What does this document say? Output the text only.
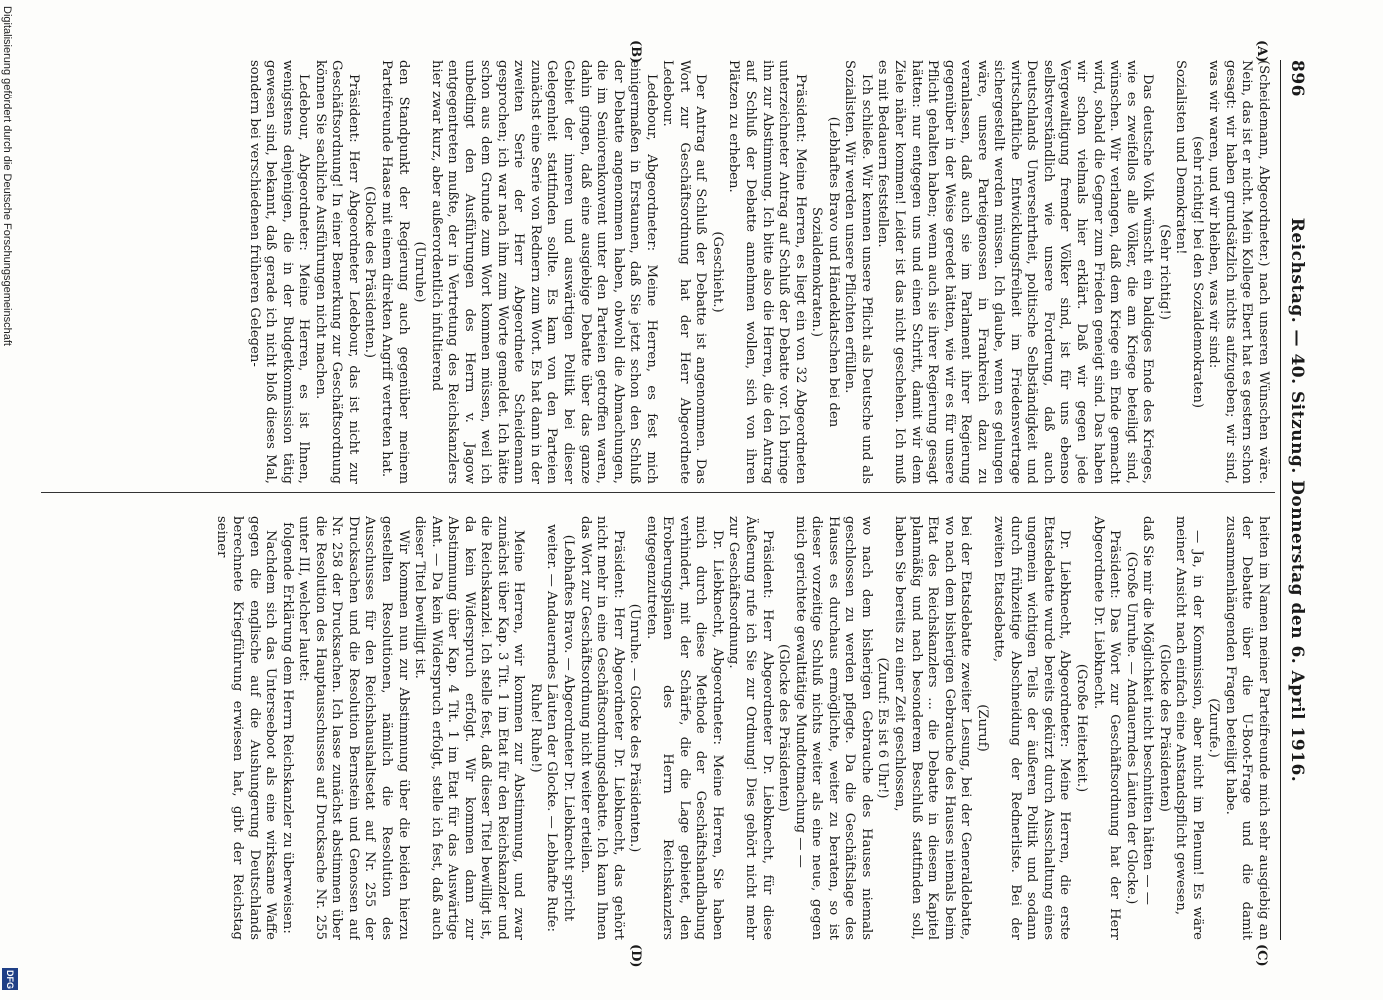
896
Reichstag. — 40. Sitzung. Donnerstag den 6. April 1916.
(A)
(B)
(C)
(D)

(Scheidemann, Abgeordneter.) nach unseren Wünschen wäre. Nein, das ist er nicht. Mein Kollege Ebert hat es gestern schon gesagt: wir haben grundsätzlich nichts aufzugeben; wir sind, was wir waren, und wir bleiben, was wir sind:

(sehr richtig! bei den Sozialdemokraten)

Sozialisten und Demokraten!

(Sehr richtig!)

Das deutsche Volk wünscht ein baldiges Ende des Krieges, wie es zweifellos alle Völker, die am Kriege beteiligt sind, wünschen. Wir verlangen, daß dem Kriege ein Ende gemacht wird, sobald die Gegner zum Frieden geneigt sind. Das haben wir schon vielmals hier erklärt. Daß wir gegen jede Vergewaltigung fremder Völker sind, ist für uns ebenso selbstverständlich wie unsere Forderung, daß auch Deutschlands Unversehrtheit, politische Selbständigkeit und wirtschaftliche Entwicklungsfreiheit im Friedensvertrage sichergestellt werden müssen. Ich glaube, wenn es gelungen wäre, unsere Parteigenossen in Frankreich dazu zu veranlassen, daß auch sie im Parlament ihrer Regierung gegenüber in der Weise geredet hätten, wie wir es für unsere Pflicht gehalten haben; wenn auch sie ihrer Regierung gesagt hätten: nur entgegen uns und einen Schritt, damit wir dem Ziele näher kommen! Leider ist das nicht geschehen. Ich muß es mit Bedauern feststellen.

Ich schließe. Wir kennen unsere Pflicht als Deutsche und als Sozialisten. Wir werden unsere Pflichten erfüllen.

(Lebhaftes Bravo und Händeklatschen bei den Sozialdemokraten.)

Präsident: Meine Herren, es liegt ein von 32 Abgeordneten unterzeichneter Antrag auf Schluß der Debatte vor. Ich bringe ihn zur Abstimmung. Ich bitte also die Herren, die den Antrag auf Schluß der Debatte annehmen wollen, sich von ihren Plätzen zu erheben.

(Geschieht.)

Der Antrag auf Schluß der Debatte ist angenommen. Das Wort zur Geschäftsordnung hat der Herr Abgeordnete Ledebour.

Ledebour, Abgeordneter: Meine Herren, es fest mich einigermaßen in Erstaunen, daß Sie jetzt schon den Schluß der Debatte angenommen haben, obwohl die Abmachungen, die im Seniorenkonvent unter den Parteien getroffen waren, dahin gingen, daß eine ausgiebige Debatte über das ganze Gebiet der inneren und auswärtigen Politik bei dieser Gelegenheit stattfinden sollte. Es kam von den Parteien zunächst eine Serie von Rednern zum Wort. Es hat dann in der zweiten Serie der Herr Abgeordnete Scheidemann gesprochen; ich war nach ihm zum Worte gemeldet. Ich hätte schon aus dem Grunde zum Wort kommen müssen, weil ich unbedingt den Ausführungen des Herrn v. Jagow entgegentreten mußte, der in Vertretung des Reichskanzlers hier zwar kurz, aber außerordentlich infultierend

(Unruhe)

den Standpunkt der Regierung auch gegenüber meinem Parteifreunde Haase mit einem direkten Angriff vertreten hat.

(Glocke des Präsidenten.)

Präsident: Herr Abgeordneter Ledebour, das ist nicht zur Geschäftsordnung! In einer Bemerkung zur Geschäftsordnung können Sie sachliche Ausführungen nicht machen.

Ledebour, Abgeordneter: Meine Herren, es ist Ihnen, wenigstens denjenigen, die in der Budgetkommission tätig gewesen sind, bekannt, daß gerade ich nicht bloß dieses Mal, sondern bei verschiedenen früheren Gelegen-

heiten im Namen meiner Parteifreunde mich sehr ausgiebig an der Debatte über die U-Boot-Frage und die damit zusammenhängenden Fragen beteiligt habe.

(Zurufe.)

— Ja, in der Kommission, aber nicht im Plenum! Es wäre meiner Ansicht nach einfach eine Anstandspflicht gewesen,

(Glocke des Präsidenten)

daß Sie mir die Möglichkeit nicht beschnitten hätten — —

(Große Unruhe. — Andauerndes Läuten der Glocke.)

Präsident: Das Wort zur Geschäftsordnung hat der Herr Abgeordnete Dr. Liebknecht.

(Große Heiterkeit.)

Dr. Liebknecht, Abgeordneter: Meine Herren, die erste Etatsdebatte wurde bereits gekürzt durch Ausschaltung eines ungemein wichtigen Teils der äußeren Politik und sodann durch frühzeitige Abschneidung der Rednerliste. Bei der zweiten Etatsdebatte,

(Zuruf)

bei der Etatsdebatte zweiter Lesung, bei der Generaldebatte, wo nach dem bisherigen Gebrauche des Hauses niemals beim Etat des Reichskanzlers ... die Debatte in diesem Kapitel planmäßig und nach besonderem Beschluß stattfinden soll, haben Sie bereits zu einer Zeit geschlossen,

(Zuruf: Es ist 6 Uhr!)

wo nach dem bisherigen Gebrauche des Hauses niemals geschlossen zu werden pflegte. Da die Geschäftslage des Hauses es durchaus ermöglichte, weiter zu beraten, so ist dieser vorzeitige Schluß nichts weiter als eine neue, gegen mich gerichtete gewalttätige Mundtotmachung — —

(Glocke des Präsidenten)

Präsident: Herr Abgeordneter Dr. Liebknecht, für diese Äußerung rufe ich Sie zur Ordnung! Dies gehört nicht mehr zur Geschäftsordnung.

Dr. Liebknecht, Abgeordneter: Meine Herren, Sie haben mich durch diese Methode der Geschäftshandhabung verhindert, mit der Schärfe, die die Lage gebietet, den Eroberungsplänen des Herrn Reichskanzlers entgegenzutreten.

(Unruhe. — Glocke des Präsidenten.)

Präsident: Herr Abgeordneter Dr. Liebknecht, das gehört nicht mehr in eine Geschäftsordnungsdebatte. Ich kann Ihnen das Wort zur Geschäftsordnung nicht weiter erteilen.

(Lebhaftes Bravo. — Abgeordneter Dr. Liebknecht spricht weiter. — Andauerndes Läuten der Glocke. — Lebhafte Rufe: Ruhe! Ruhe!)

Meine Herren, wir kommen zur Abstimmung, und zwar zunächst über Kap. 3 Tit. 1 im Etat für den Reichskanzler und die Reichskanzlei. Ich stelle fest, daß dieser Titel bewilligt ist, da kein Widerspruch erfolgt. Wir kommen dann zur Abstimmung über Kap. 4 Tit. 1 im Etat für das Auswärtige Amt. — Da kein Widerspruch erfolgt, stelle ich fest, daß auch dieser Titel bewilligt ist.

Wir kommen nun zur Abstimmung über die beiden hierzu gestellten Resolutionen, nämlich die Resolution des Ausschusses für den Reichshaushaltsetat auf Nr. 255 der Drucksachen und die Resolution Bernstein und Genossen auf Nr. 258 der Drucksachen. Ich lasse zunächst abstimmen über die Resolution des Hauptausschusses auf Drucksache Nr. 255 unter III, welcher lautet:

folgende Erklärung dem Herrn Reichskanzler zu überweisen:

Nachdem sich das Unterseeboot als eine wirksame Waffe gegen die englische auf die Aushungerung Deutschlands berechnete Kriegführung erwiesen hat, gibt der Reichstag seiner

Digitalisierung gefördert durch die Deutsche Forschungsgemeinschaft
DFG
